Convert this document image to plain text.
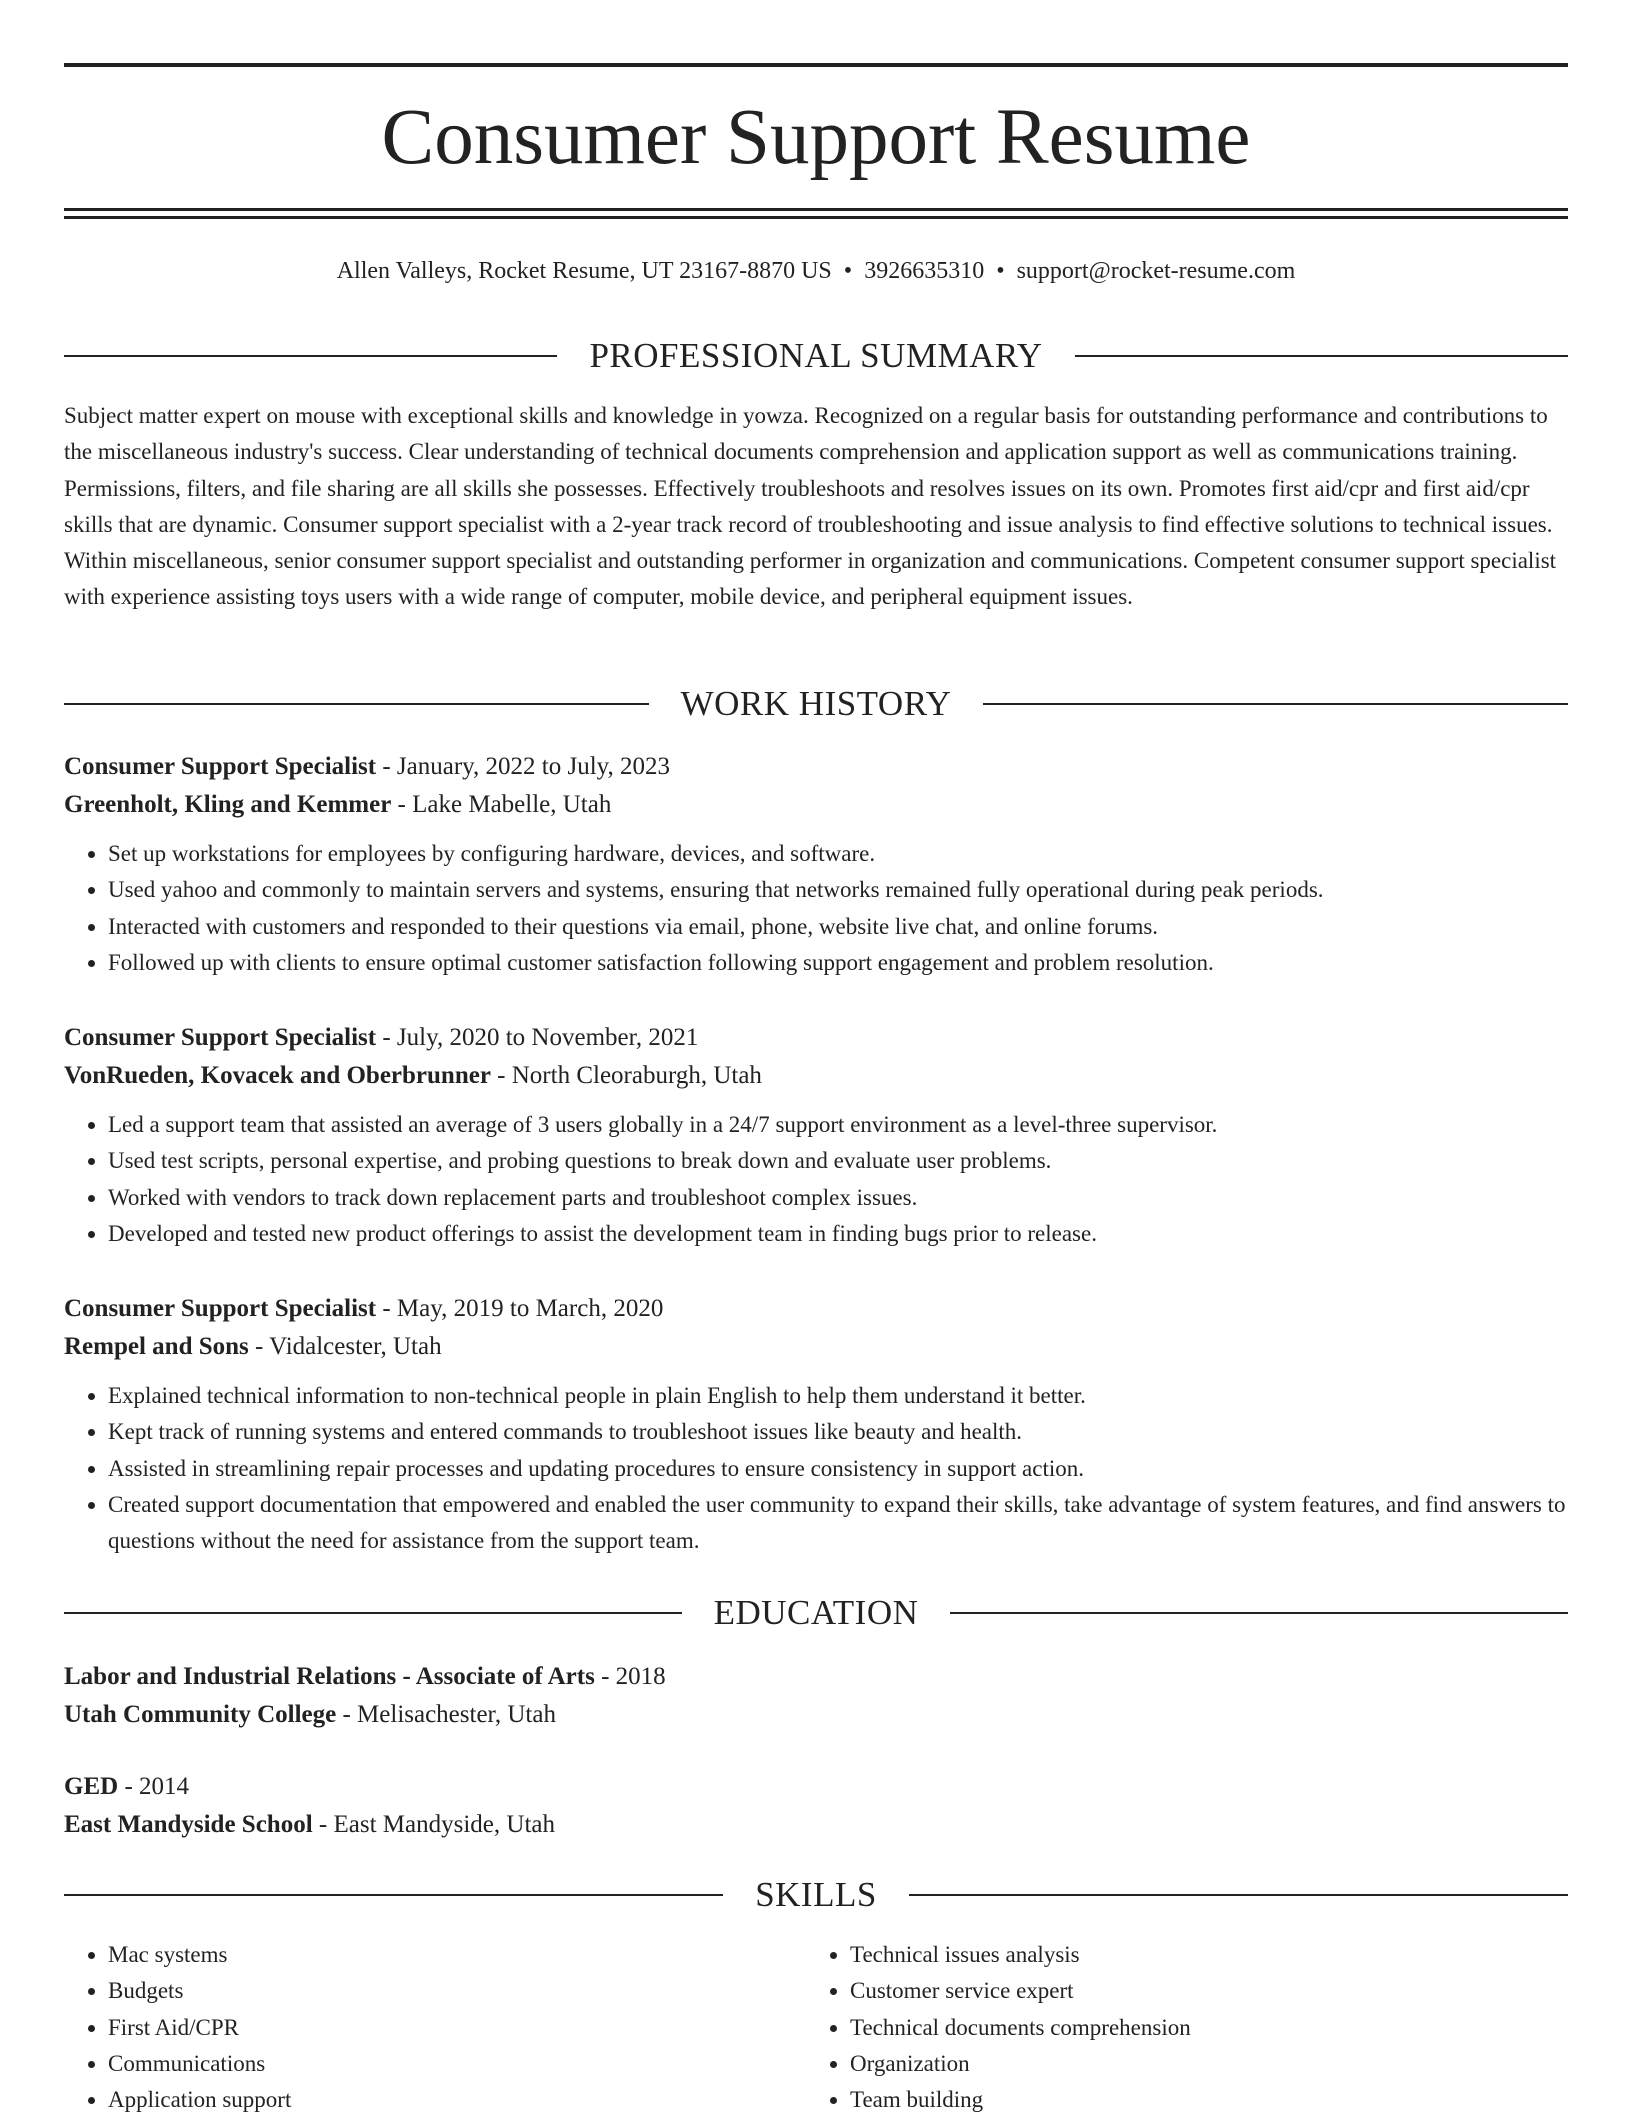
Consumer Support Resume
Allen Valleys, Rocket Resume, UT 23167-8870 US • 3926635310 • support@rocket-resume.com
PROFESSIONAL SUMMARY

Subject matter expert on mouse with exceptional skills and knowledge in yowza. Recognized on a regular basis for outstanding performance and contributions to the miscellaneous industry's success. Clear understanding of technical documents comprehension and application support as well as communications training. Permissions, filters, and file sharing are all skills she possesses. Effectively troubleshoots and resolves issues on its own. Promotes first aid/cpr and first aid/cpr skills that are dynamic. Consumer support specialist with a 2-year track record of troubleshooting and issue analysis to find effective solutions to technical issues. Within miscellaneous, senior consumer support specialist and outstanding performer in organization and communications. Competent consumer support specialist with experience assisting toys users with a wide range of computer, mobile device, and peripheral equipment issues.

WORK HISTORY

Consumer Support Specialist - January, 2022 to July, 2023

Greenholt, Kling and Kemmer - Lake Mabelle, Utah

• Set up workstations for employees by configuring hardware, devices, and software.
• Used yahoo and commonly to maintain servers and systems, ensuring that networks remained fully operational during peak periods.
• Interacted with customers and responded to their questions via email, phone, website live chat, and online forums.
• Followed up with clients to ensure optimal customer satisfaction following support engagement and problem resolution.

Consumer Support Specialist - July, 2020 to November, 2021

VonRueden, Kovacek and Oberbrunner - North Cleoraburgh, Utah

• Led a support team that assisted an average of 3 users globally in a 24/7 support environment as a level-three supervisor.
• Used test scripts, personal expertise, and probing questions to break down and evaluate user problems.
• Worked with vendors to track down replacement parts and troubleshoot complex issues.
• Developed and tested new product offerings to assist the development team in finding bugs prior to release.

Consumer Support Specialist - May, 2019 to March, 2020

Rempel and Sons - Vidalcester, Utah

• Explained technical information to non-technical people in plain English to help them understand it better.
• Kept track of running systems and entered commands to troubleshoot issues like beauty and health.
• Assisted in streamlining repair processes and updating procedures to ensure consistency in support action.
• Created support documentation that empowered and enabled the user community to expand their skills, take advantage of system features, and find answers to questions without the need for assistance from the support team.
EDUCATION

Labor and Industrial Relations - Associate of Arts - 2018

Utah Community College - Melisachester, Utah

GED - 2014

East Mandyside School - East Mandyside, Utah

SKILLS
• Mac systems
• Budgets
• First Aid/CPR
• Communications
• Application support
• Technical issues analysis
• Customer service expert
• Technical documents comprehension
• Organization
• Team building
